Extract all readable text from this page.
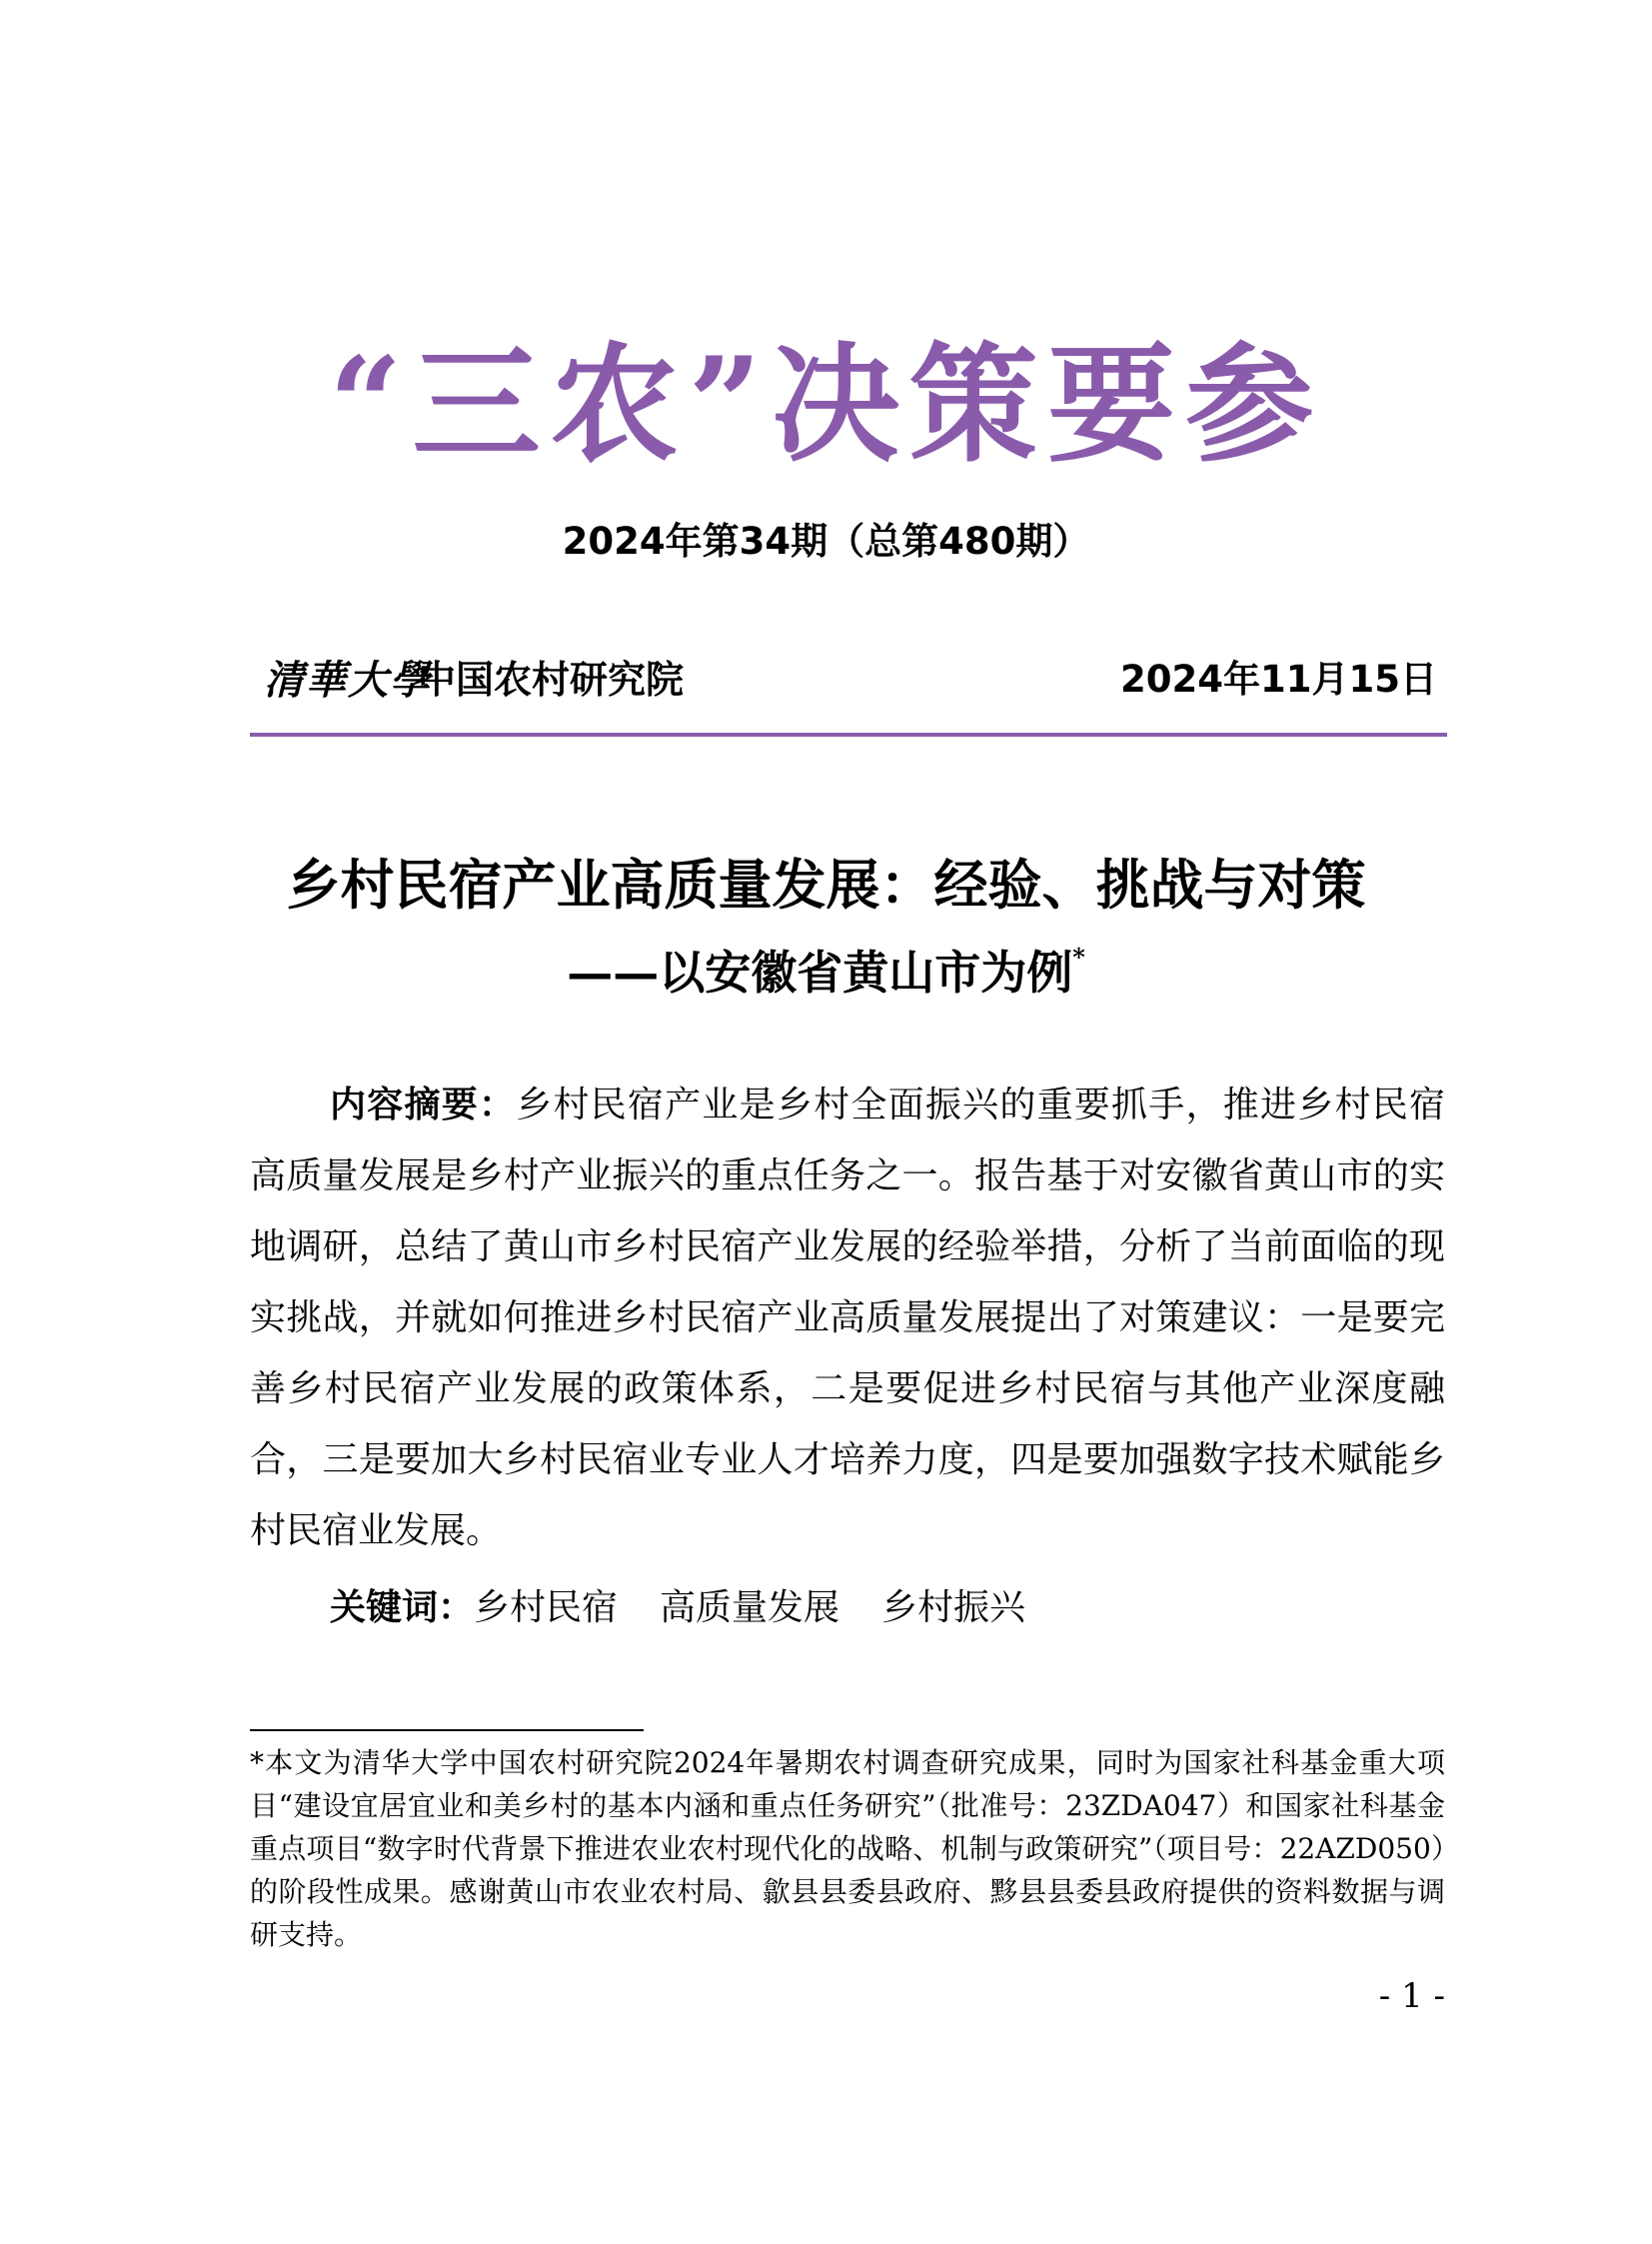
“三农”决策要参
2024年第34期（总第480期）
清華大學
中国农村研究院	2024年11月15日
乡村民宿产业高质量发展：经验、挑战与对策
——以安徽省黄山市为例*

内容摘要：乡村民宿产业是乡村全面振兴的重要抓手，推进乡村民宿高质量发展是乡村产业振兴的重点任务之一。报告基于对安徽省黄山市的实地调研，总结了黄山市乡村民宿产业发展的经验举措，分析了当前面临的现实挑战，并就如何推进乡村民宿产业高质量发展提出了对策建议：一是要完善乡村民宿产业发展的政策体系，二是要促进乡村民宿与其他产业深度融合，三是要加大乡村民宿业专业人才培养力度，四是要加强数字技术赋能乡村民宿业发展。

关键词：乡村民宿 高质量发展 乡村振兴

*本文为清华大学中国农村研究院2024年暑期农村调查研究成果，同时为国家社科基金重大项目“建设宜居宜业和美乡村的基本内涵和重点任务研究”（批准号：23ZDA047）和国家社科基金重点项目“数字时代背景下推进农业农村现代化的战略、机制与政策研究”（项目号：22AZD050）的阶段性成果。感谢黄山市农业农村局、歙县县委县政府、黟县县委县政府提供的资料数据与调研支持。

- 1 -
